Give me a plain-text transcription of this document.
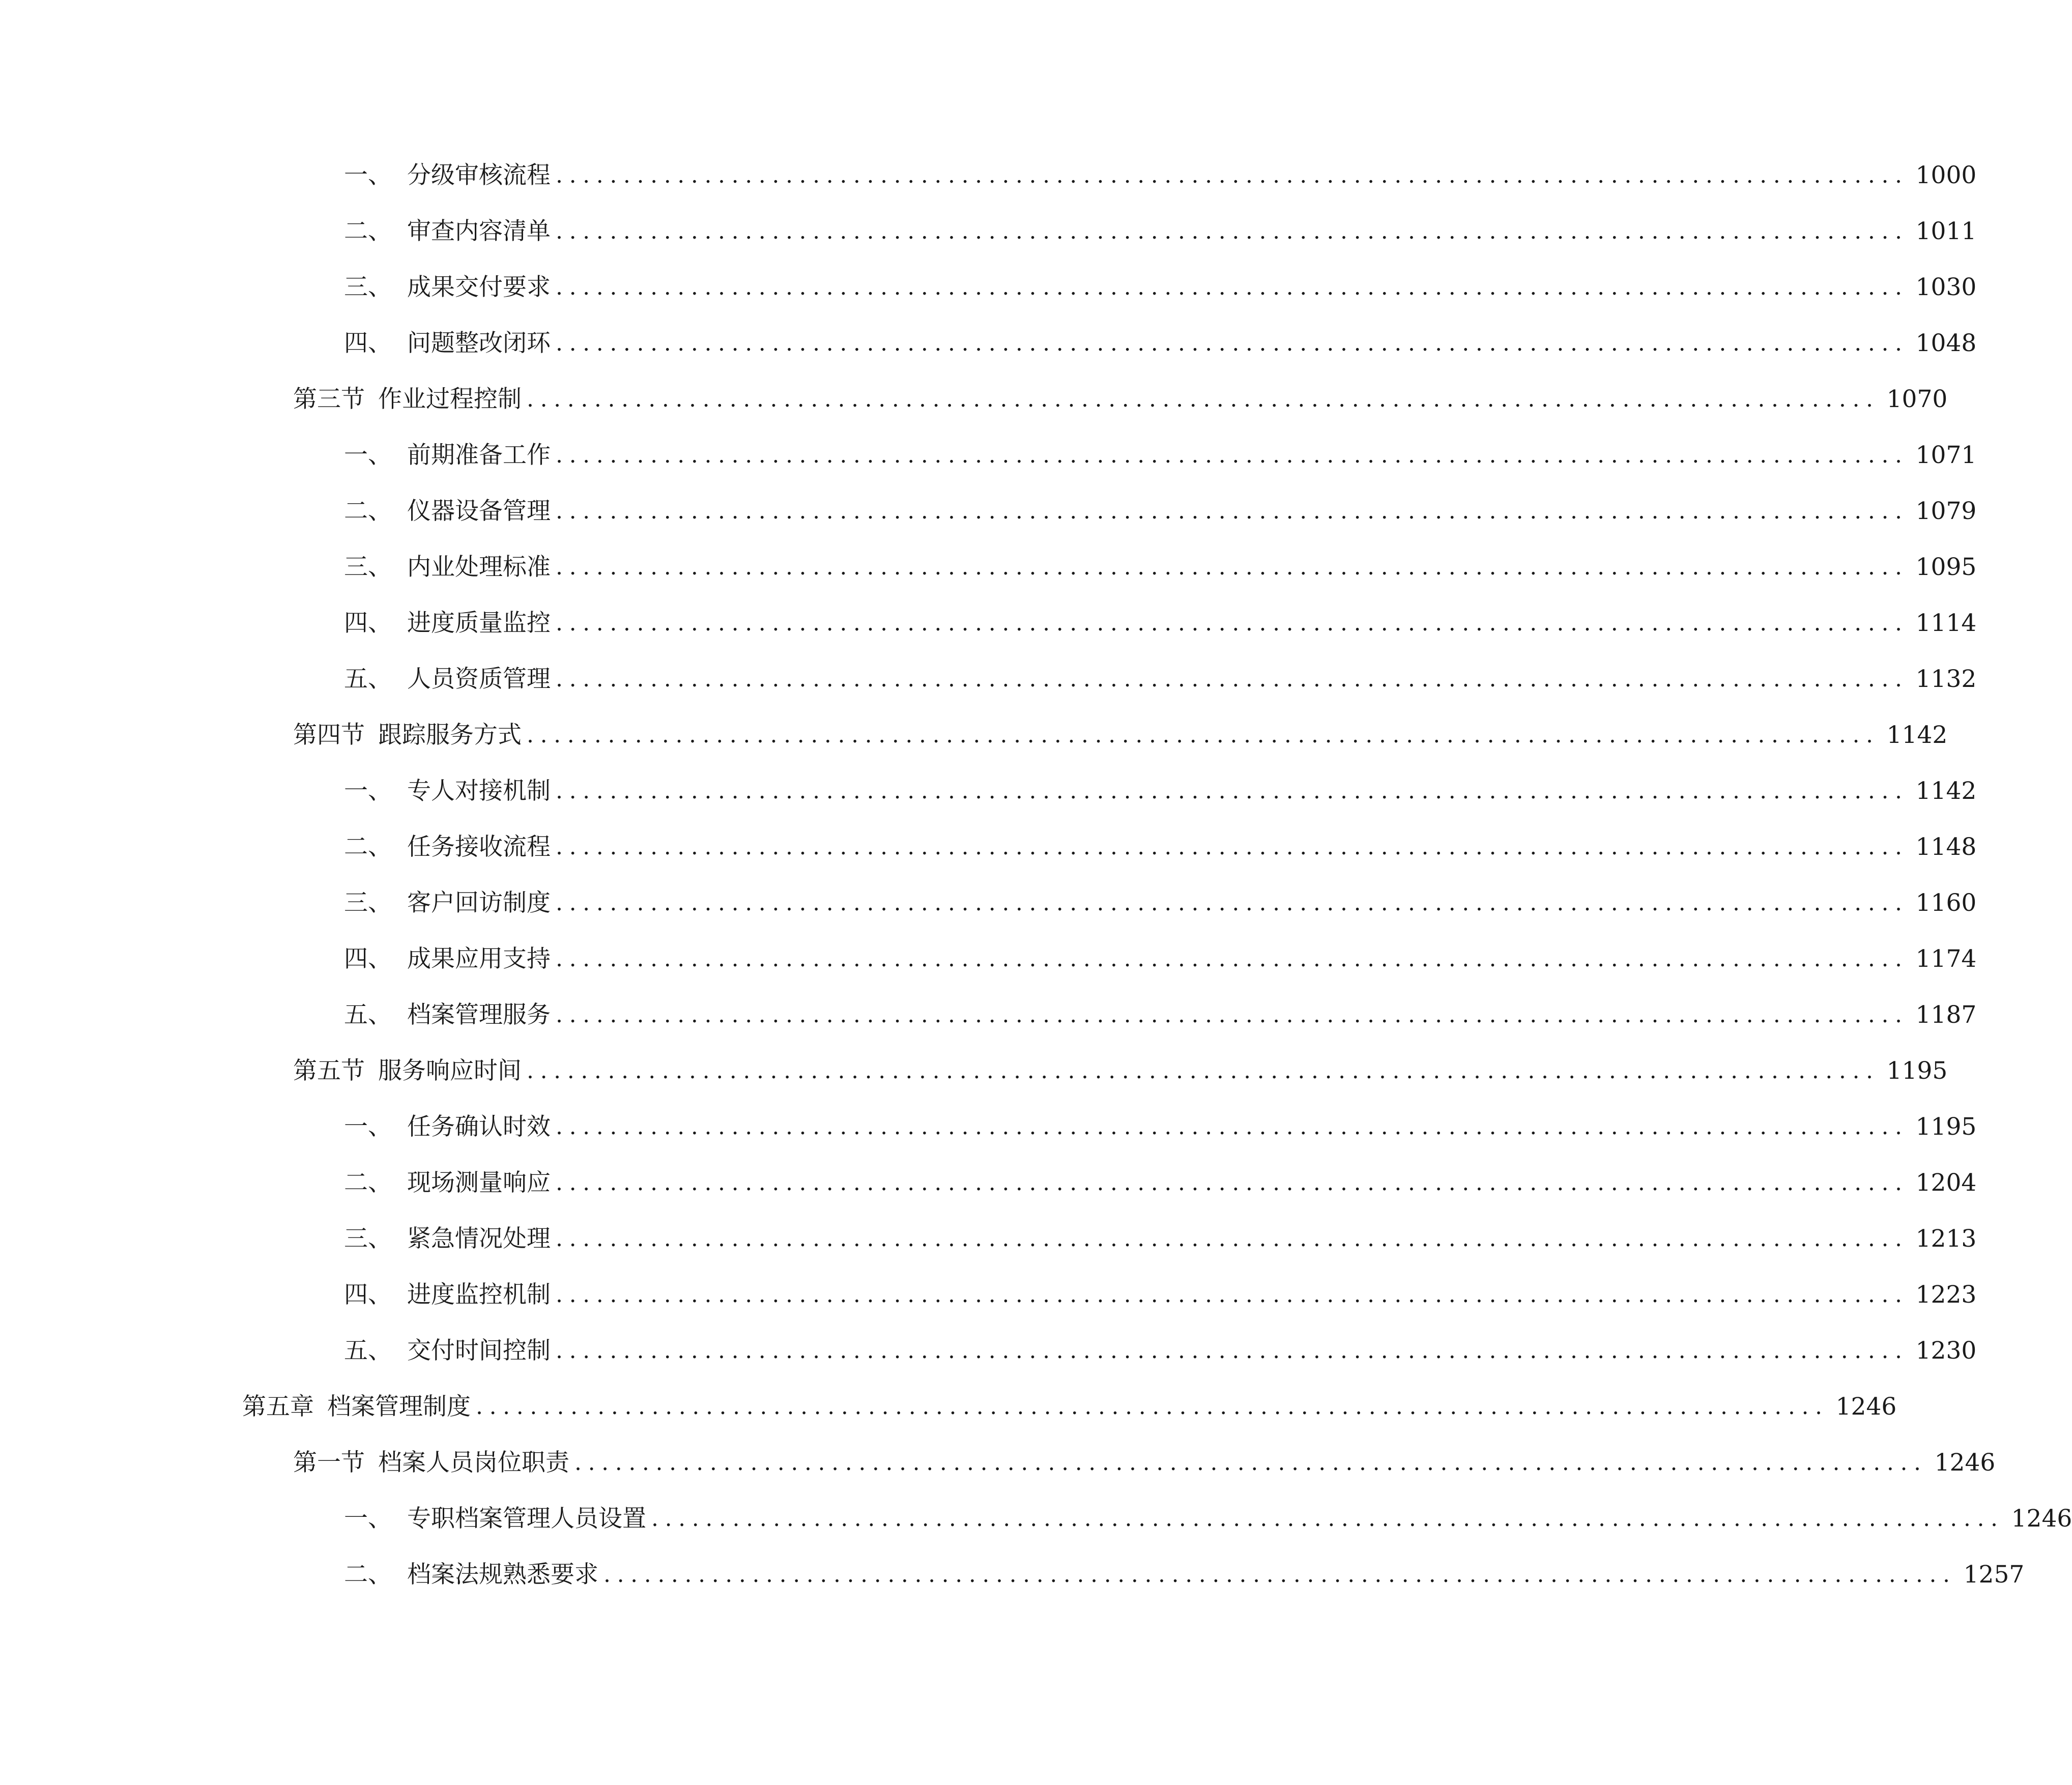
一、 分级审核流程 .................................................................................................... 1000
二、 审查内容清单 .................................................................................................... 1011
三、 成果交付要求 .................................................................................................... 1030
四、 问题整改闭环 .................................................................................................... 1048
第三节 作业过程控制 .................................................................................................... 1070
一、 前期准备工作 .................................................................................................... 1071
二、 仪器设备管理 .................................................................................................... 1079
三、 内业处理标准 .................................................................................................... 1095
四、 进度质量监控 .................................................................................................... 1114
五、 人员资质管理 .................................................................................................... 1132
第四节 跟踪服务方式 .................................................................................................... 1142
一、 专人对接机制 .................................................................................................... 1142
二、 任务接收流程 .................................................................................................... 1148
三、 客户回访制度 .................................................................................................... 1160
四、 成果应用支持 .................................................................................................... 1174
五、 档案管理服务 .................................................................................................... 1187
第五节 服务响应时间 .................................................................................................... 1195
一、 任务确认时效 .................................................................................................... 1195
二、 现场测量响应 .................................................................................................... 1204
三、 紧急情况处理 .................................................................................................... 1213
四、 进度监控机制 .................................................................................................... 1223
五、 交付时间控制 .................................................................................................... 1230
第五章 档案管理制度 .................................................................................................... 1246
第一节 档案人员岗位职责 .................................................................................................... 1246
一、 专职档案管理人员设置 .................................................................................................... 1246
二、 档案法规熟悉要求 .................................................................................................... 1257
